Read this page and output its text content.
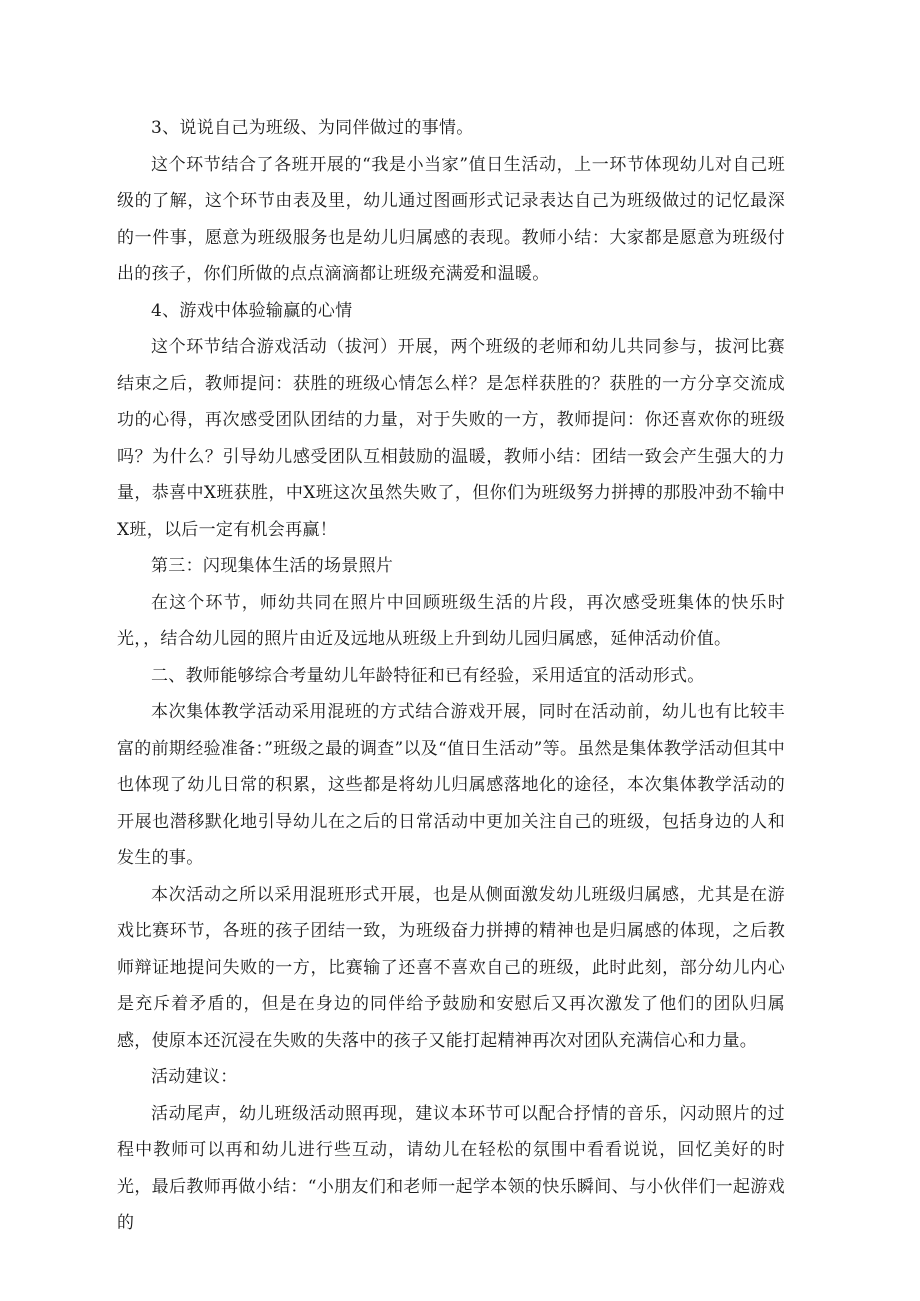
3、说说自己为班级、为同伴做过的事情。

这个环节结合了各班开展的“我是小当家”值日生活动，上一环节体现幼儿对自己班级的了解，这个环节由表及里，幼儿通过图画形式记录表达自己为班级做过的记忆最深的一件事，愿意为班级服务也是幼儿归属感的表现。教师小结：大家都是愿意为班级付出的孩子，你们所做的点点滴滴都让班级充满爱和温暖。

4、游戏中体验输赢的心情

这个环节结合游戏活动（拔河）开展，两个班级的老师和幼儿共同参与，拔河比赛结束之后，教师提问：获胜的班级心情怎么样？是怎样获胜的？获胜的一方分享交流成功的心得，再次感受团队团结的力量，对于失败的一方，教师提问：你还喜欢你的班级吗？为什么？引导幼儿感受团队互相鼓励的温暖，教师小结：团结一致会产生强大的力量，恭喜中X班获胜，中X班这次虽然失败了，但你们为班级努力拼搏的那股冲劲不输中X班，以后一定有机会再赢！

第三：闪现集体生活的场景照片

在这个环节，师幼共同在照片中回顾班级生活的片段，再次感受班集体的快乐时光，，结合幼儿园的照片由近及远地从班级上升到幼儿园归属感，延伸活动价值。

二、教师能够综合考量幼儿年龄特征和已有经验，采用适宜的活动形式。

本次集体教学活动采用混班的方式结合游戏开展，同时在活动前，幼儿也有比较丰富的前期经验准备：”班级之最的调查”以及“值日生活动”等。虽然是集体教学活动但其中也体现了幼儿日常的积累，这些都是将幼儿归属感落地化的途径，本次集体教学活动的开展也潜移默化地引导幼儿在之后的日常活动中更加关注自己的班级，包括身边的人和发生的事。

本次活动之所以采用混班形式开展，也是从侧面激发幼儿班级归属感，尤其是在游戏比赛环节，各班的孩子团结一致，为班级奋力拼搏的精神也是归属感的体现，之后教师辩证地提问失败的一方，比赛输了还喜不喜欢自己的班级，此时此刻，部分幼儿内心是充斥着矛盾的，但是在身边的同伴给予鼓励和安慰后又再次激发了他们的团队归属感，使原本还沉浸在失败的失落中的孩子又能打起精神再次对团队充满信心和力量。

活动建议：

活动尾声，幼儿班级活动照再现，建议本环节可以配合抒情的音乐，闪动照片的过程中教师可以再和幼儿进行些互动，请幼儿在轻松的氛围中看看说说，回忆美好的时光，最后教师再做小结：“小朋友们和老师一起学本领的快乐瞬间、与小伙伴们一起游戏的
